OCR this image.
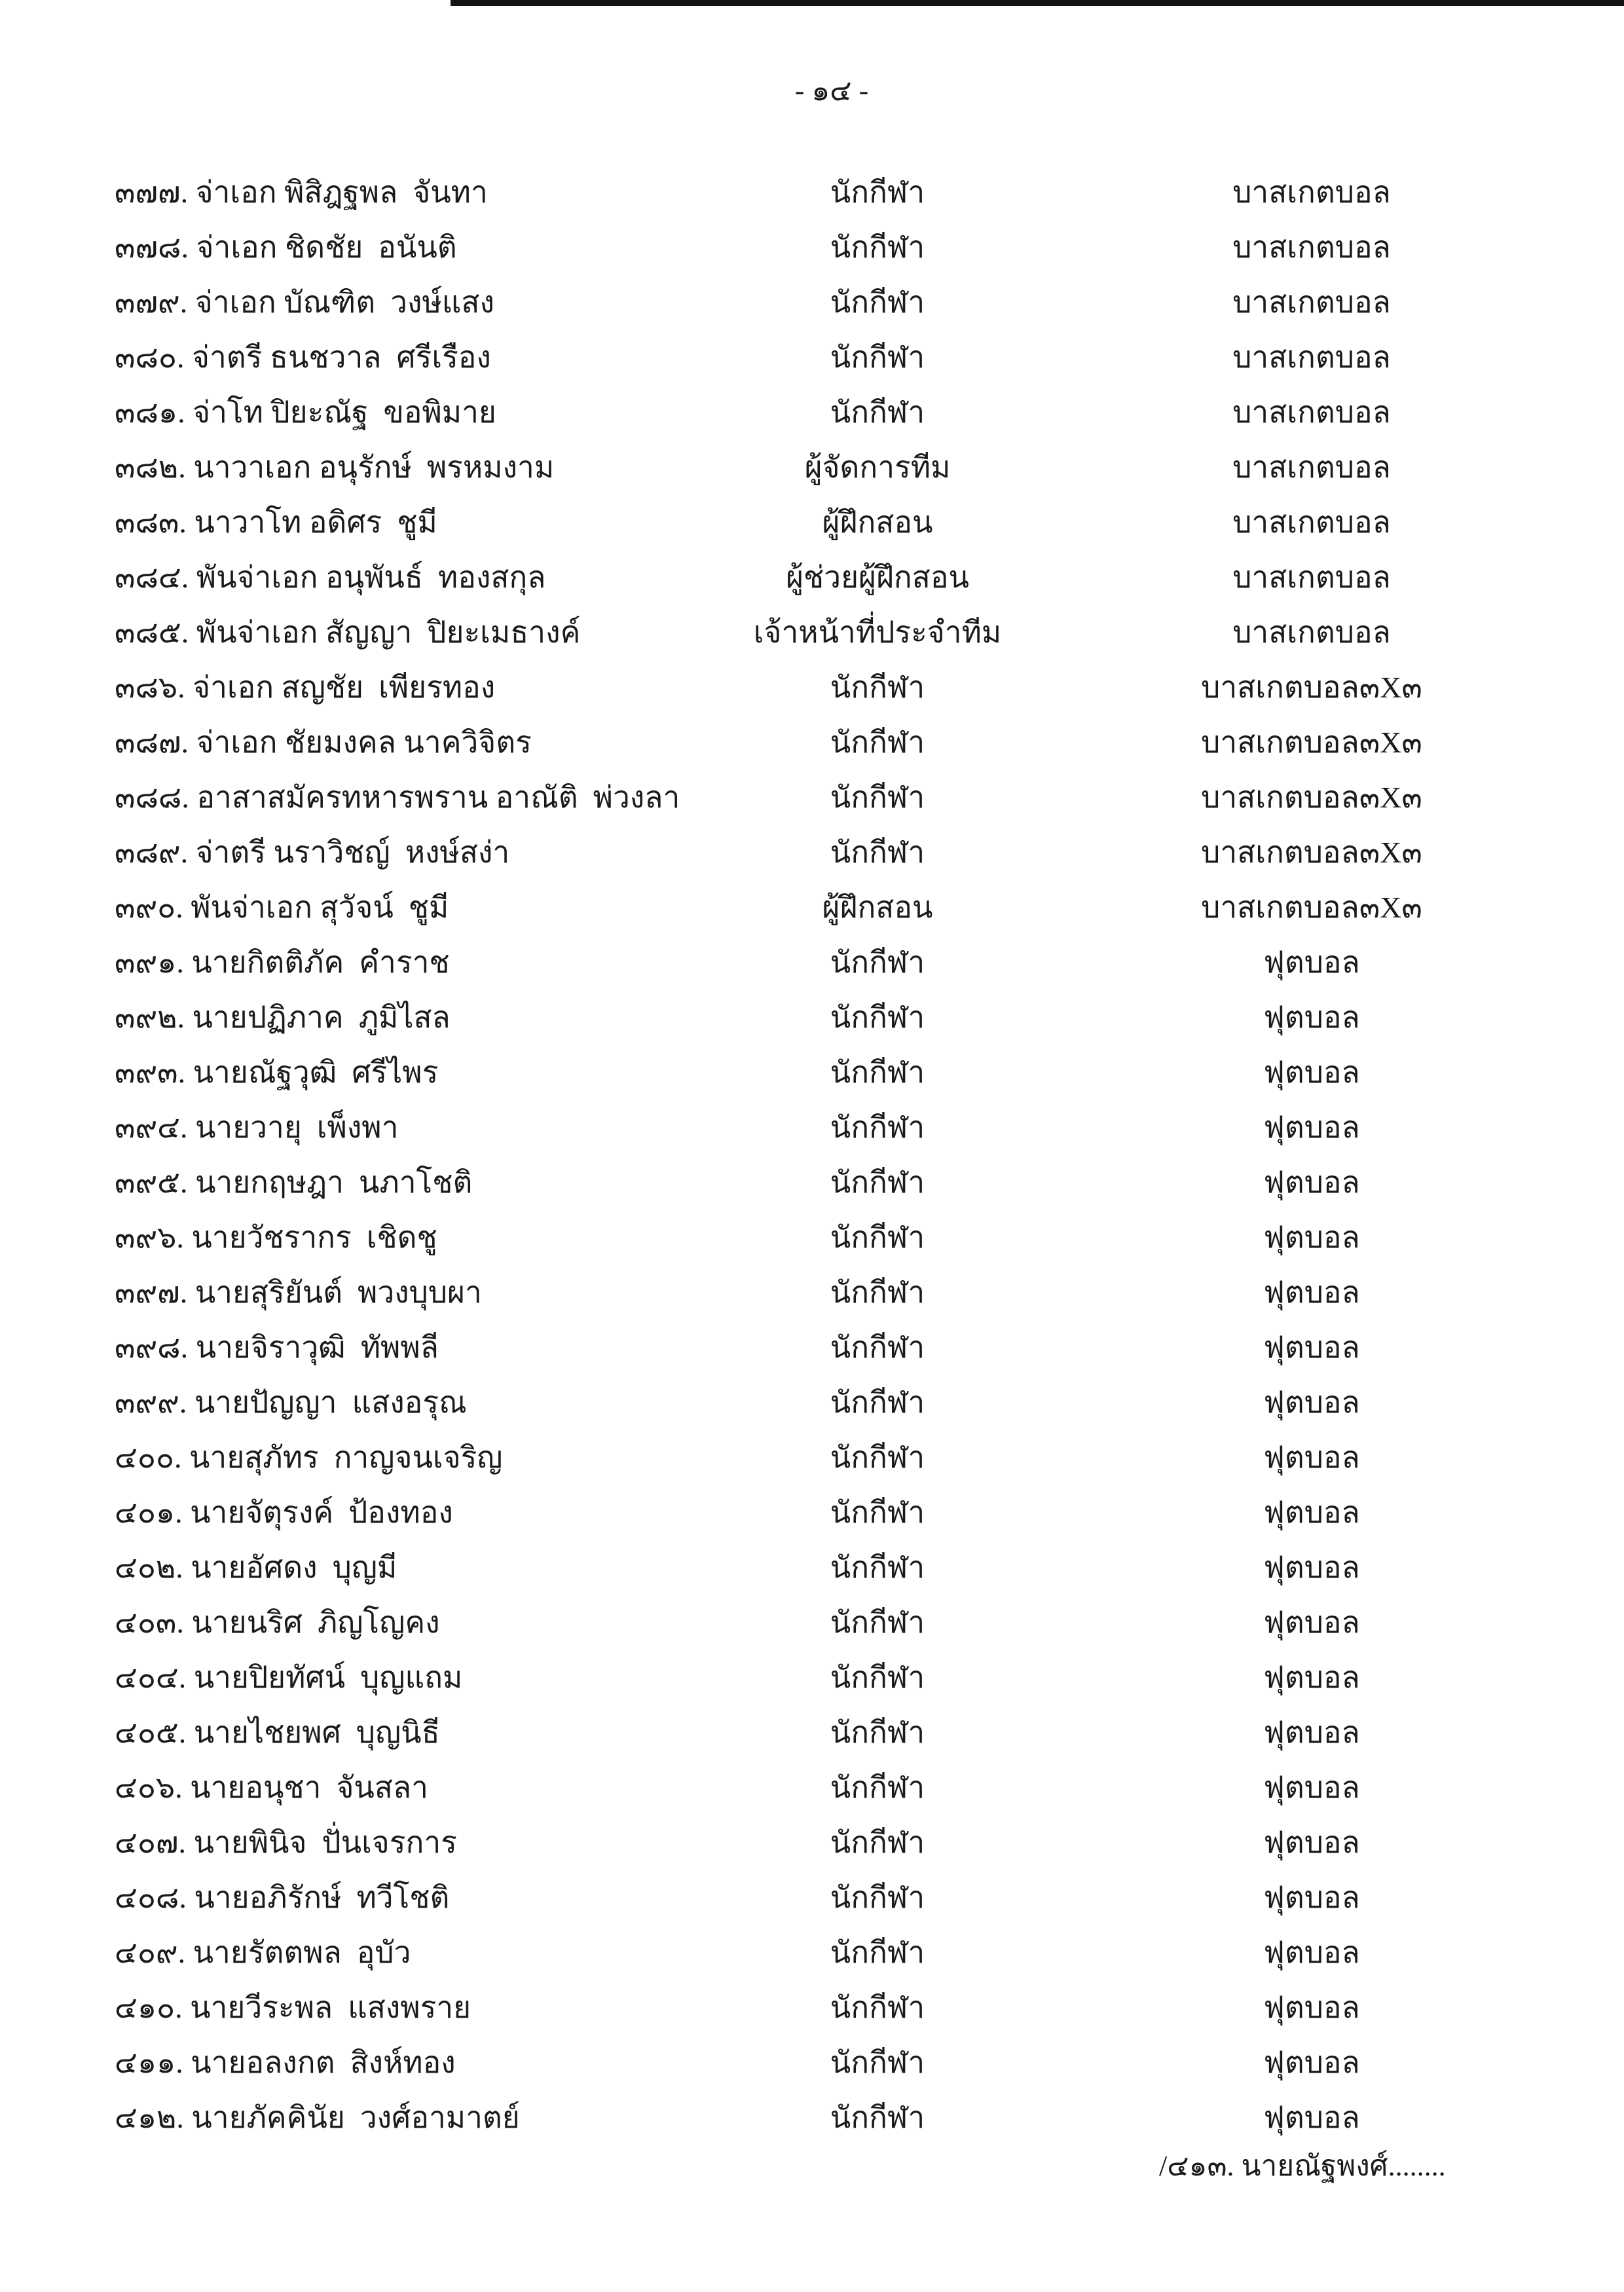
- ๑๔ -
๓๗๗. จ่าเอก พิสิฎฐพล  จันทา	นักกีฬา	บาสเกตบอล
๓๗๘. จ่าเอก ชิดชัย  อนันติ	นักกีฬา	บาสเกตบอล
๓๗๙. จ่าเอก บัณฑิต  วงษ์แสง	นักกีฬา	บาสเกตบอล
๓๘๐. จ่าตรี ธนชวาล  ศรีเรือง	นักกีฬา	บาสเกตบอล
๓๘๑. จ่าโท ปิยะณัฐ  ขอพิมาย	นักกีฬา	บาสเกตบอล
๓๘๒. นาวาเอก อนุรักษ์  พรหมงาม	ผู้จัดการทีม	บาสเกตบอล
๓๘๓. นาวาโท อดิศร  ชูมี	ผู้ฝึกสอน	บาสเกตบอล
๓๘๔. พันจ่าเอก อนุพันธ์  ทองสกุล	ผู้ช่วยผู้ฝึกสอน	บาสเกตบอล
๓๘๕. พันจ่าเอก สัญญา  ปิยะเมธางค์	เจ้าหน้าที่ประจำทีม	บาสเกตบอล
๓๘๖. จ่าเอก สญชัย  เพียรทอง	นักกีฬา	บาสเกตบอล๓X๓
๓๘๗. จ่าเอก ชัยมงคล นาควิจิตร	นักกีฬา	บาสเกตบอล๓X๓
๓๘๘. อาสาสมัครทหารพราน อาณัติ  พ่วงลา	นักกีฬา	บาสเกตบอล๓X๓
๓๘๙. จ่าตรี นราวิชญ์  หงษ์สง่า	นักกีฬา	บาสเกตบอล๓X๓
๓๙๐. พันจ่าเอก สุวัจน์  ชูมี	ผู้ฝึกสอน	บาสเกตบอล๓X๓
๓๙๑. นายกิตติภัค  คำราช	นักกีฬา	ฟุตบอล
๓๙๒. นายปฏิภาค  ภูมิไสล	นักกีฬา	ฟุตบอล
๓๙๓. นายณัฐวุฒิ  ศรีไพร	นักกีฬา	ฟุตบอล
๓๙๔. นายวายุ  เพ็งพา	นักกีฬา	ฟุตบอล
๓๙๕. นายกฤษฎา  นภาโชติ	นักกีฬา	ฟุตบอล
๓๙๖. นายวัชรากร  เชิดชู	นักกีฬา	ฟุตบอล
๓๙๗. นายสุริยันต์  พวงบุบผา	นักกีฬา	ฟุตบอล
๓๙๘. นายจิราวุฒิ  ทัพพลี	นักกีฬา	ฟุตบอล
๓๙๙. นายปัญญา  แสงอรุณ	นักกีฬา	ฟุตบอล
๔๐๐. นายสุภัทร  กาญจนเจริญ	นักกีฬา	ฟุตบอล
๔๐๑. นายจัตุรงค์  ป้องทอง	นักกีฬา	ฟุตบอล
๔๐๒. นายอัศดง  บุญมี	นักกีฬา	ฟุตบอล
๔๐๓. นายนริศ  ภิญโญคง	นักกีฬา	ฟุตบอล
๔๐๔. นายปิยทัศน์  บุญแถม	นักกีฬา	ฟุตบอล
๔๐๕. นายไชยพศ  บุญนิธี	นักกีฬา	ฟุตบอล
๔๐๖. นายอนุชา  จันสลา	นักกีฬา	ฟุตบอล
๔๐๗. นายพินิจ  ปั่นเจรการ	นักกีฬา	ฟุตบอล
๔๐๘. นายอภิรักษ์  ทวีโชติ	นักกีฬา	ฟุตบอล
๔๐๙. นายรัตตพล  อุบัว	นักกีฬา	ฟุตบอล
๔๑๐. นายวีระพล  แสงพราย	นักกีฬา	ฟุตบอล
๔๑๑. นายอลงกต  สิงห์ทอง	นักกีฬา	ฟุตบอล
๔๑๒. นายภัคคินัย  วงศ์อามาตย์	นักกีฬา	ฟุตบอล
/๔๑๓. นายณัฐพงศ์........
